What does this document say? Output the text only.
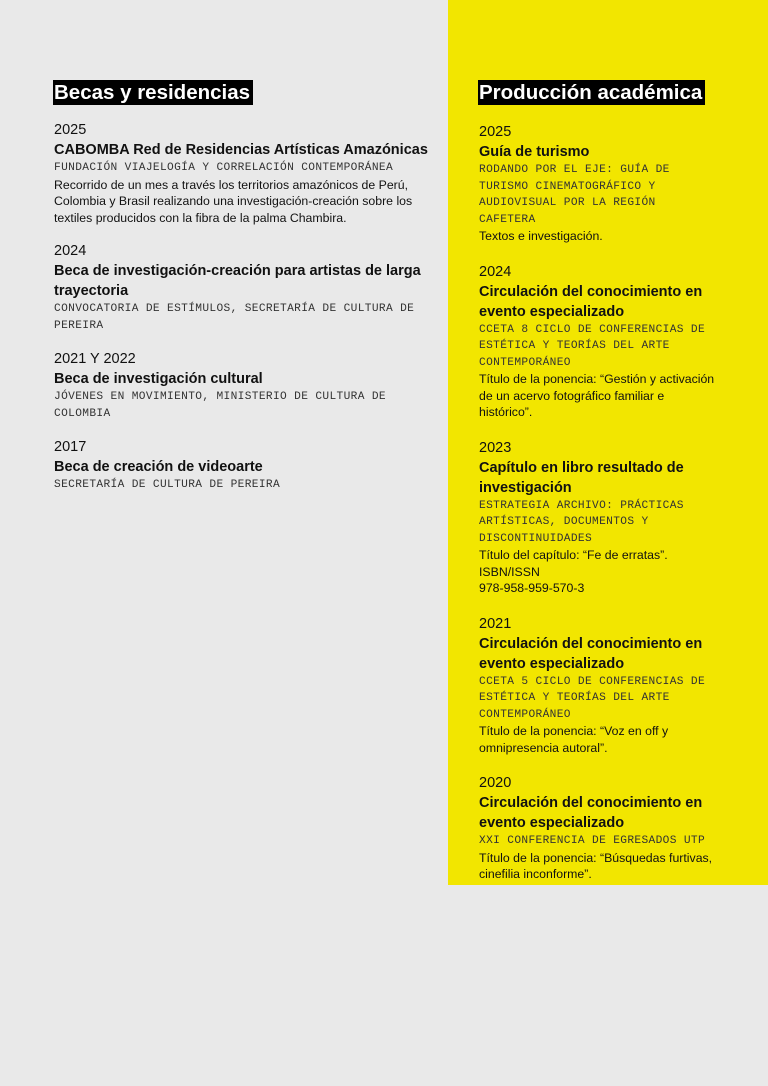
Becas y residencias
2025
CABOMBA Red de Residencias Artísticas Amazónicas
FUNDACIÓN VIAJELOGÍA Y CORRELACIÓN CONTEMPORÁNEA
Recorrido de un mes a través los territorios amazónicos de Perú, Colombia y Brasil realizando una investigación-creación sobre los textiles producidos con la fibra de la palma Chambira.
2024
Beca de investigación-creación para artistas de larga trayectoria
CONVOCATORIA DE ESTÍMULOS, SECRETARÍA DE CULTURA DE PEREIRA
2021 Y 2022
Beca de investigación cultural
JÓVENES EN MOVIMIENTO, MINISTERIO DE CULTURA DE COLOMBIA
2017
Beca de creación de videoarte
SECRETARÍA DE CULTURA DE PEREIRA
Producción académica
2025
Guía de turismo
RODANDO POR EL EJE: GUÍA DE TURISMO CINEMATOGRÁFICO Y AUDIOVISUAL POR LA REGIÓN CAFETERA
Textos e investigación.
2024
Circulación del conocimiento en evento especializado
CCETA 8 CICLO DE CONFERENCIAS DE ESTÉTICA Y TEORÍAS DEL ARTE CONTEMPORÁNEO
Título de la ponencia: “Gestión y activación de un acervo fotográfico familiar e histórico”.
2023
Capítulo en libro resultado de investigación
ESTRATEGIA ARCHIVO: PRÁCTICAS ARTÍSTICAS, DOCUMENTOS Y DISCONTINUIDADES
Título del capítulo: “Fe de erratas”.
ISBN/ISSN
978-958-959-570-3
2021
Circulación del conocimiento en evento especializado
CCETA 5 CICLO DE CONFERENCIAS DE ESTÉTICA Y TEORÍAS DEL ARTE CONTEMPORÁNEO
Título de la ponencia: “Voz en off y omnipresencia autoral”.
2020
Circulación del conocimiento en evento especializado
XXI CONFERENCIA DE EGRESADOS UTP
Título de la ponencia: “Búsquedas furtivas, cinefilia inconforme”.
